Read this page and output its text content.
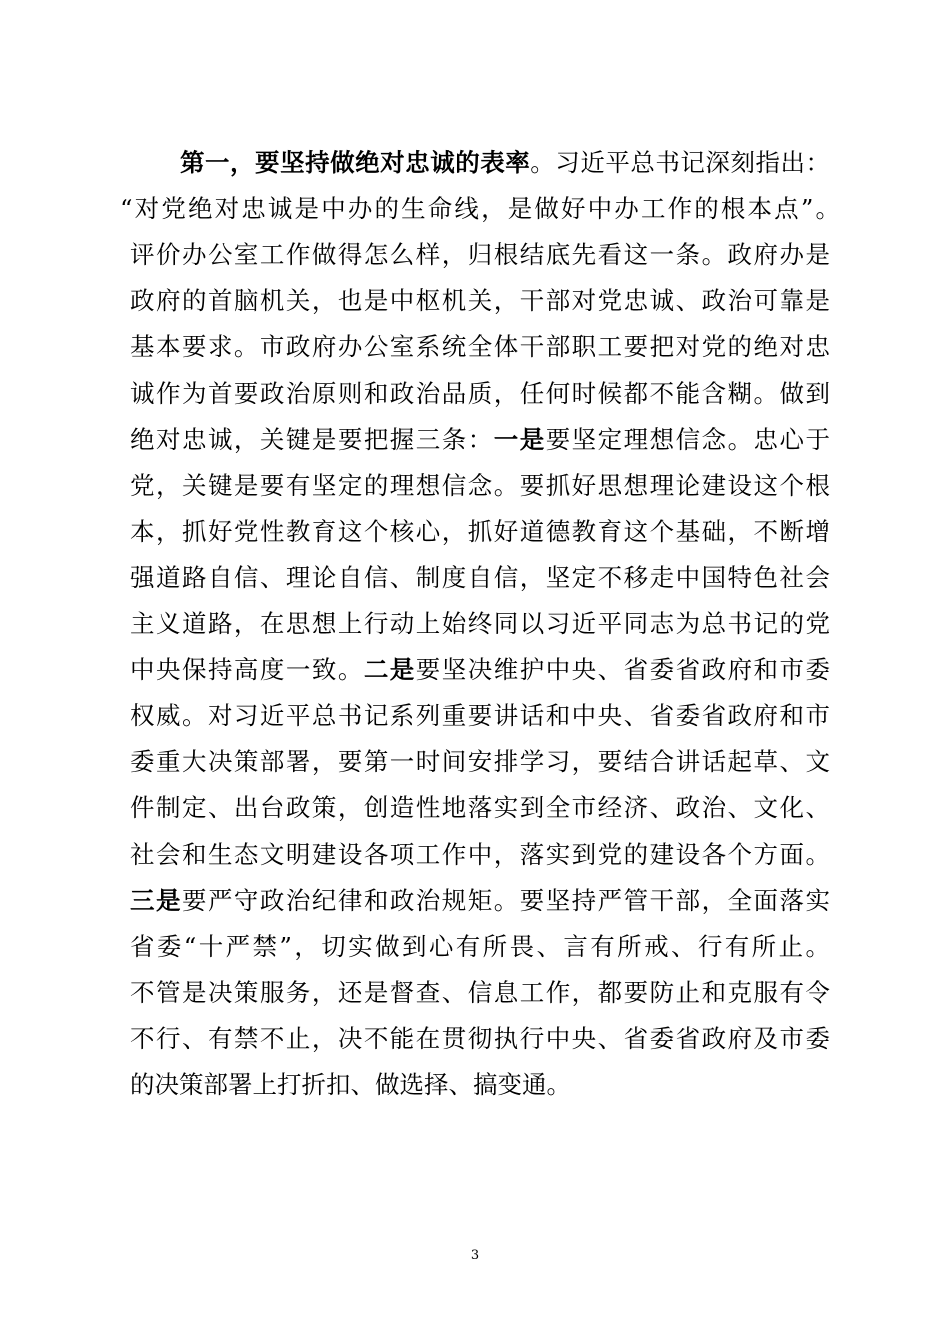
第一，要坚持做绝对忠诚的表率。习近平总书记深刻指出：
“对党绝对忠诚是中办的生命线，是做好中办工作的根本点”。
评价办公室工作做得怎么样，归根结底先看这一条。政府办是
政府的首脑机关，也是中枢机关，干部对党忠诚、政治可靠是
基本要求。市政府办公室系统全体干部职工要把对党的绝对忠
诚作为首要政治原则和政治品质，任何时候都不能含糊。做到
绝对忠诚，关键是要把握三条：一是要坚定理想信念。忠心于
党，关键是要有坚定的理想信念。要抓好思想理论建设这个根
本，抓好党性教育这个核心，抓好道德教育这个基础，不断增
强道路自信、理论自信、制度自信，坚定不移走中国特色社会
主义道路，在思想上行动上始终同以习近平同志为总书记的党
中央保持高度一致。二是要坚决维护中央、省委省政府和市委
权威。对习近平总书记系列重要讲话和中央、省委省政府和市
委重大决策部署，要第一时间安排学习，要结合讲话起草、文
件制定、出台政策，创造性地落实到全市经济、政治、文化、
社会和生态文明建设各项工作中，落实到党的建设各个方面。
三是要严守政治纪律和政治规矩。要坚持严管干部，全面落实
省委“十严禁”，切实做到心有所畏、言有所戒、行有所止。
不管是决策服务，还是督查、信息工作，都要防止和克服有令
不行、有禁不止，决不能在贯彻执行中央、省委省政府及市委
的决策部署上打折扣、做选择、搞变通。
3
